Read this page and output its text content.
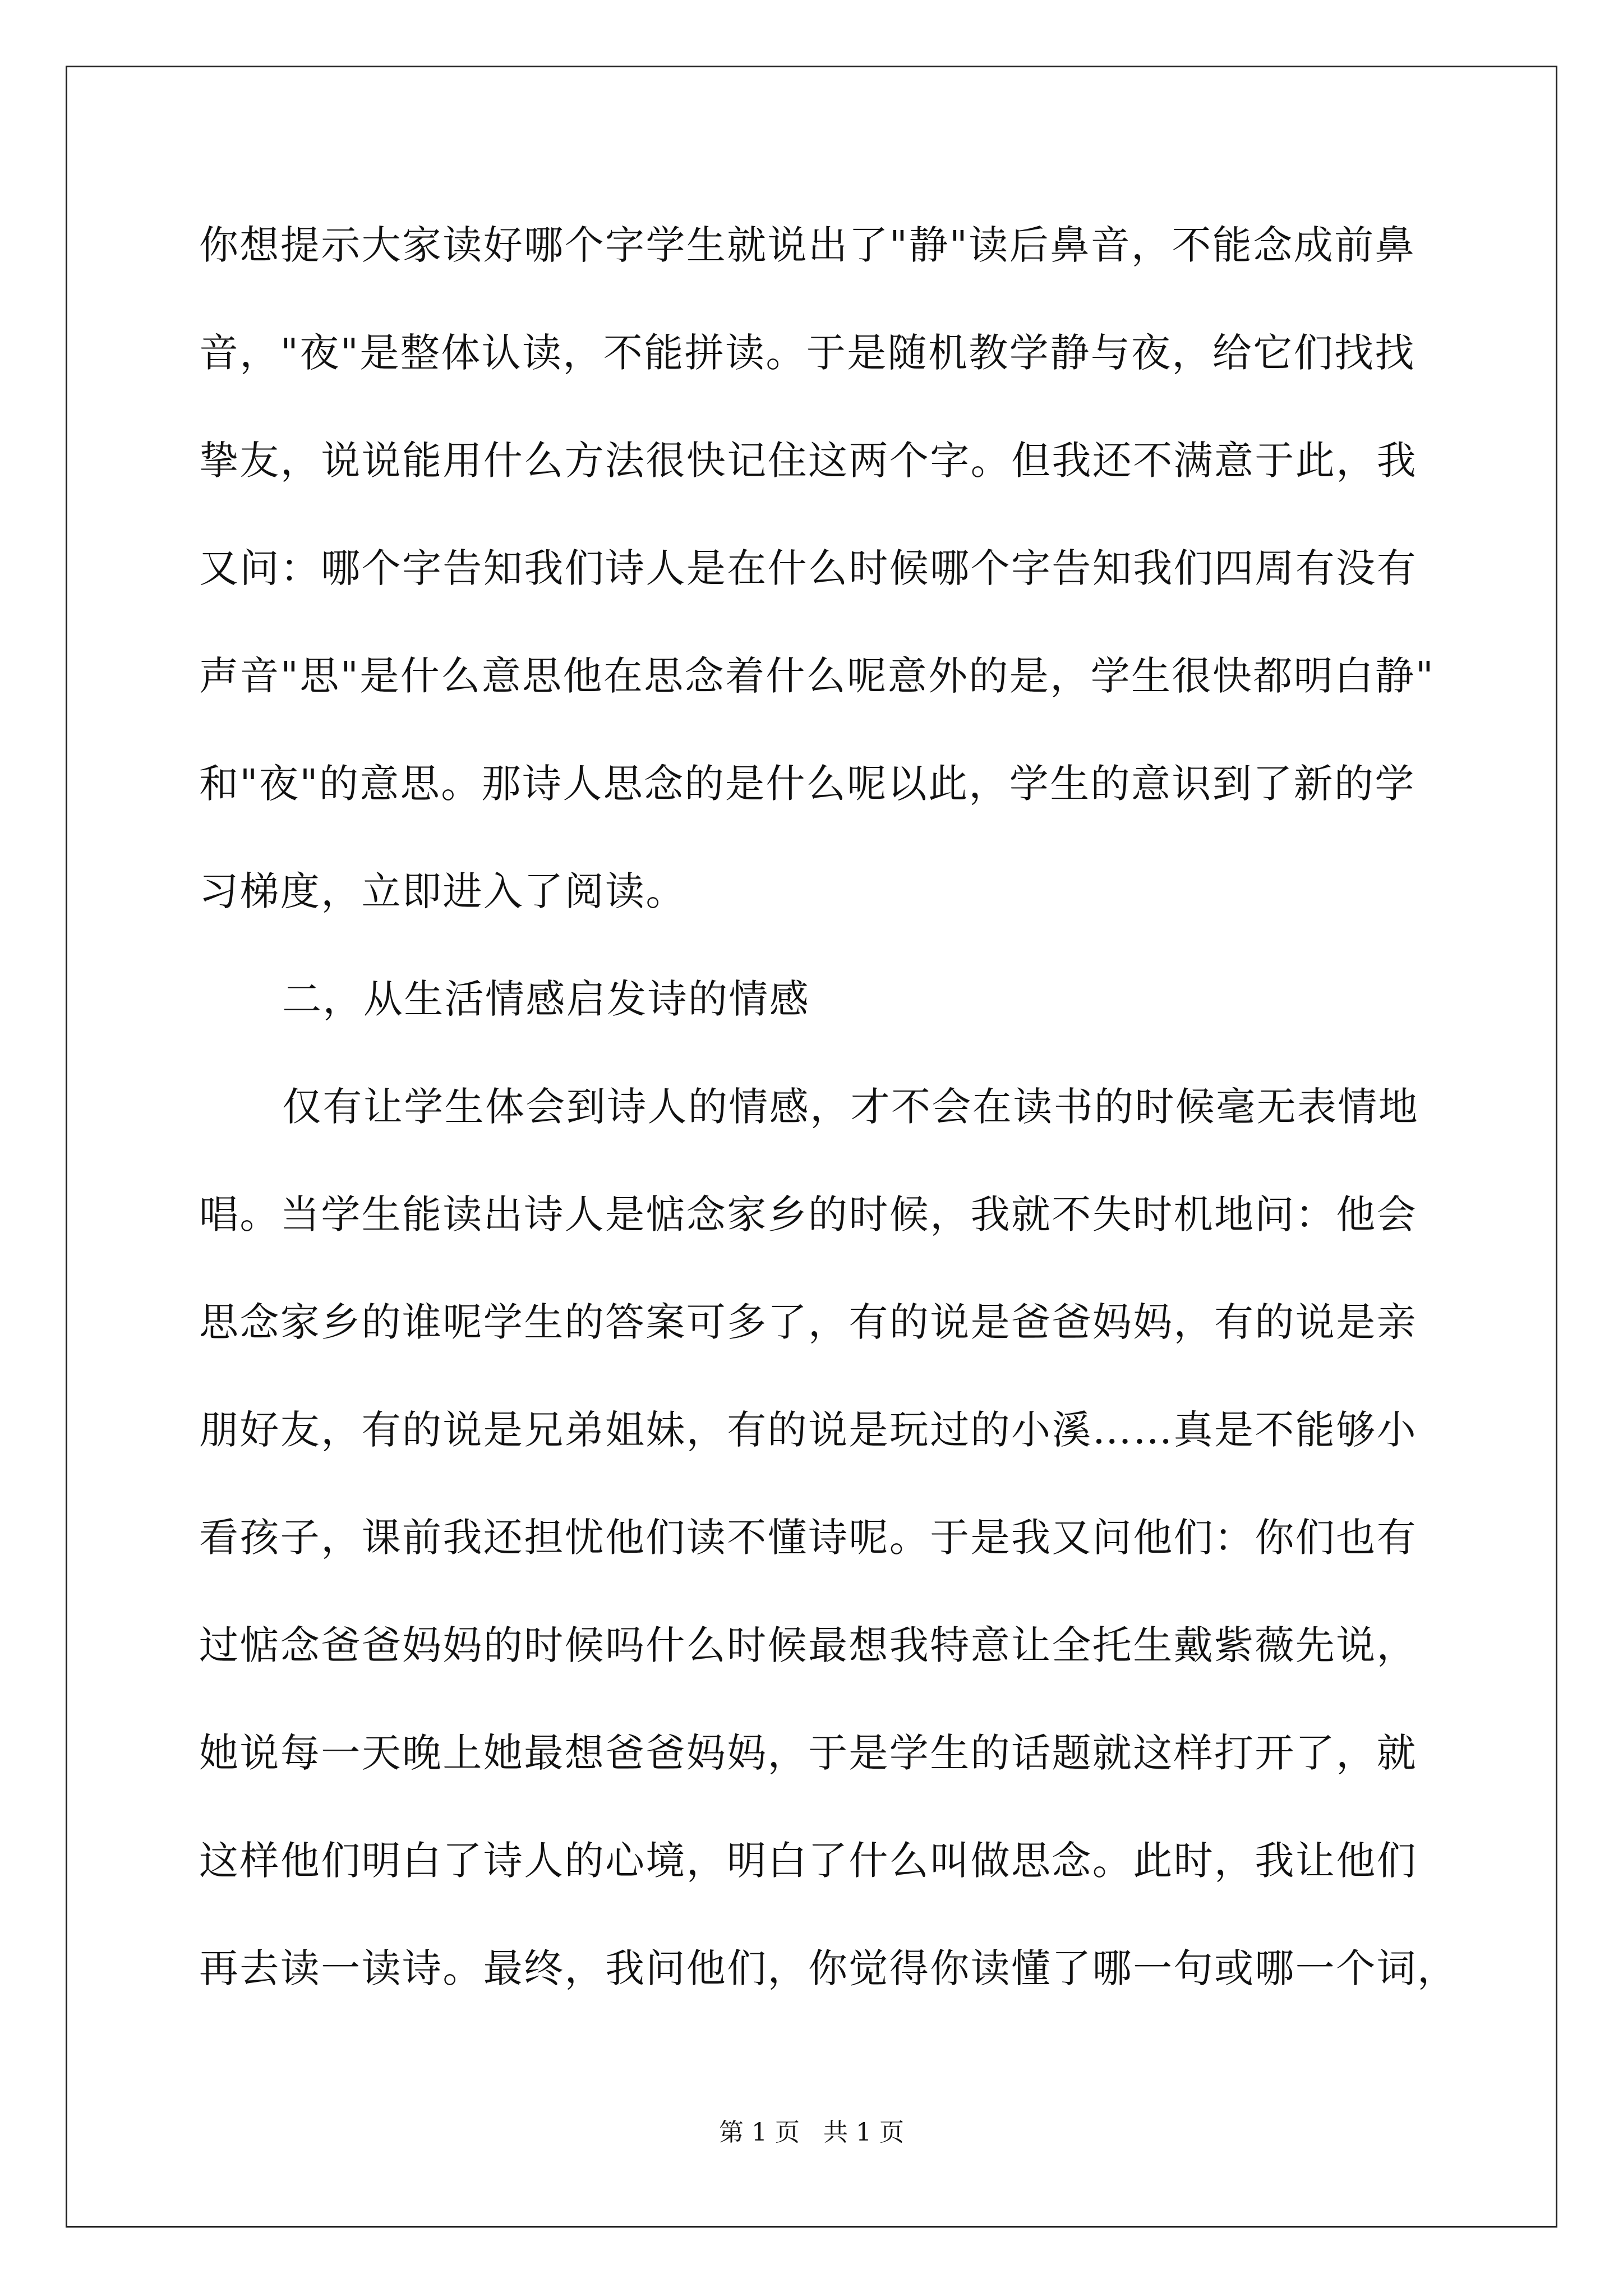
你想提示大家读好哪个字学生就说出了"静"读后鼻音，不能念成前鼻
音，"夜"是整体认读，不能拼读。于是随机教学静与夜，给它们找找
挚友，说说能用什么方法很快记住这两个字。但我还不满意于此，我
又问：哪个字告知我们诗人是在什么时候哪个字告知我们四周有没有
声音"思"是什么意思他在思念着什么呢意外的是，学生很快都明白静"
和"夜"的意思。那诗人思念的是什么呢以此，学生的意识到了新的学
习梯度，立即进入了阅读。
二，从生活情感启发诗的情感
仅有让学生体会到诗人的情感，才不会在读书的时候毫无表情地
唱。当学生能读出诗人是惦念家乡的时候，我就不失时机地问：他会
思念家乡的谁呢学生的答案可多了，有的说是爸爸妈妈，有的说是亲
朋好友，有的说是兄弟姐妹，有的说是玩过的小溪……真是不能够小
看孩子，课前我还担忧他们读不懂诗呢。于是我又问他们：你们也有
过惦念爸爸妈妈的时候吗什么时候最想我特意让全托生戴紫薇先说，
她说每一天晚上她最想爸爸妈妈，于是学生的话题就这样打开了，就
这样他们明白了诗人的心境，明白了什么叫做思念。此时，我让他们
再去读一读诗。最终，我问他们，你觉得你读懂了哪一句或哪一个词，
第 1 页   共 1 页
